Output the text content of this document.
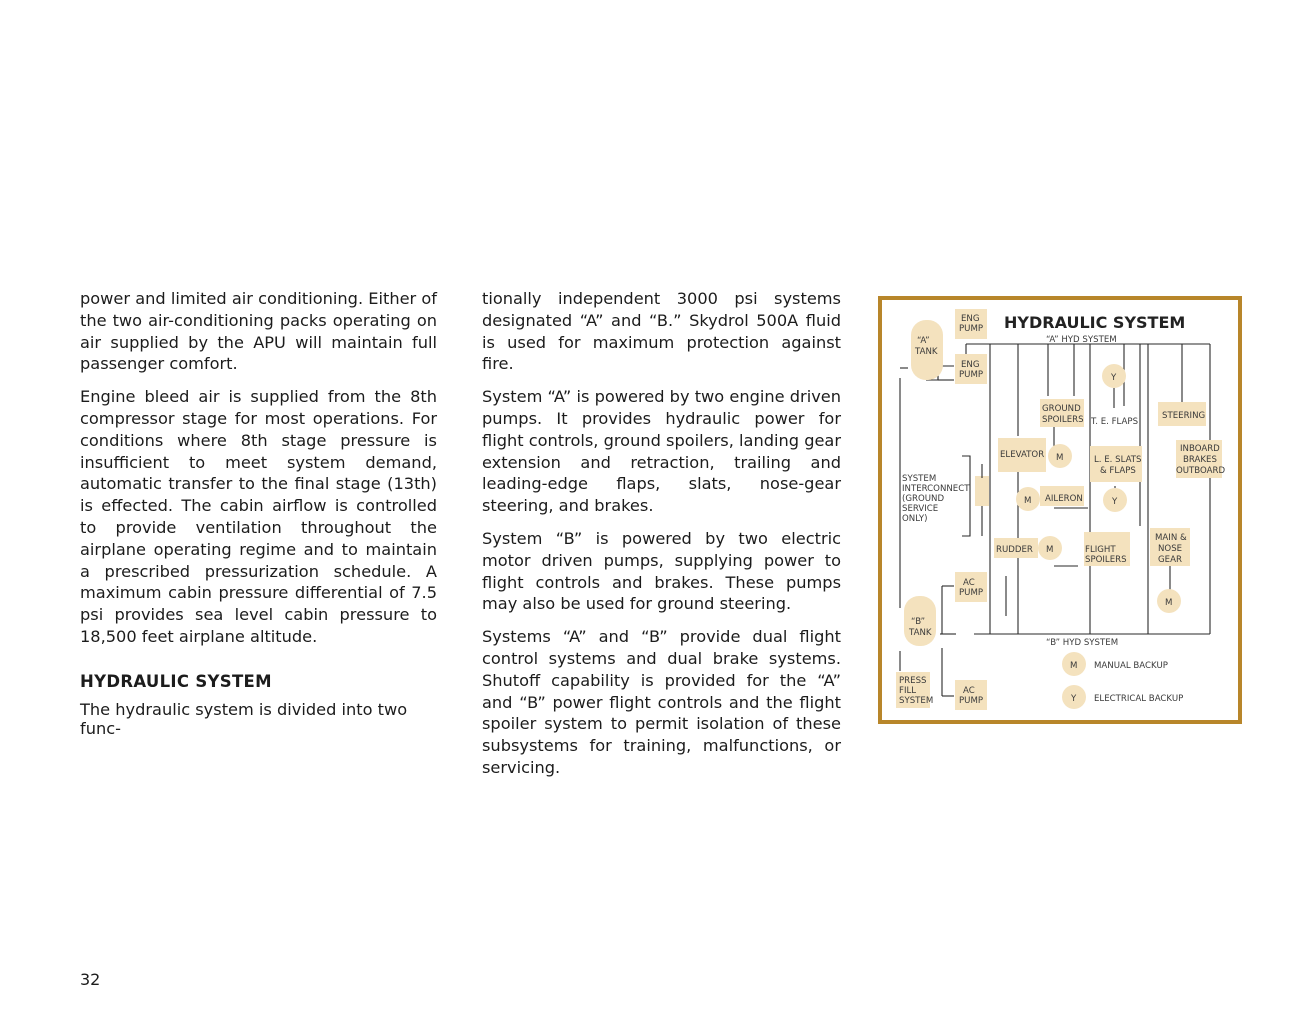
power and limited air conditioning. Either of the two air-conditioning packs operating on air supplied by the APU will maintain full passenger comfort.

Engine bleed air is supplied from the 8th compressor stage for most operations. For conditions where 8th stage pressure is insufficient to meet system demand, automatic transfer to the final stage (13th) is effected. The cabin airflow is controlled to provide ventilation throughout the airplane operating regime and to maintain a prescribed pressurization schedule. A maximum cabin pressure differential of 7.5 psi provides sea level cabin pressure to 18,500 feet airplane altitude.

HYDRAULIC SYSTEM

The hydraulic system is divided into two func-

tionally independent 3000 psi systems designated “A” and “B.” Skydrol 500A fluid is used for maximum protection against fire.

System “A” is powered by two engine driven pumps. It provides hydraulic power for flight controls, ground spoilers, landing gear extension and retraction, trailing and leading-edge flaps, slats, nose-gear steering, and brakes.

System “B” is powered by two electric motor driven pumps, supplying power to flight controls and brakes. These pumps may also be used for ground steering.

Systems “A” and “B” provide dual flight control systems and dual brake systems. Shutoff capability is provided for the “A” and “B” power flight controls and the flight spoiler system to permit isolation of these subsystems for training, malfunctions, or servicing.

32
HYDRAULIC SYSTEM
“A” HYD SYSTEM
“B” HYD SYSTEM
“A”
TANK
ENG
PUMP
ENG
PUMP
“B”
TANK
AC
PUMP
AC
PUMP
PRESS
FILL
SYSTEM
SYSTEM
INTERCONNECT
(GROUND
SERVICE
ONLY)
GROUND
SPOILERS T. E. FLAPS
STEERING
ELEVATOR	L. E. SLATS
& FLAPS
INBOARD
BRAKES
OUTBOARD
AILERON
RUDDER	FLIGHT
SPOILERS
MAIN &
NOSE
GEAR
Y
M
M	Y
M
M
M MANUAL BACKUP
Y ELECTRICAL BACKUP
